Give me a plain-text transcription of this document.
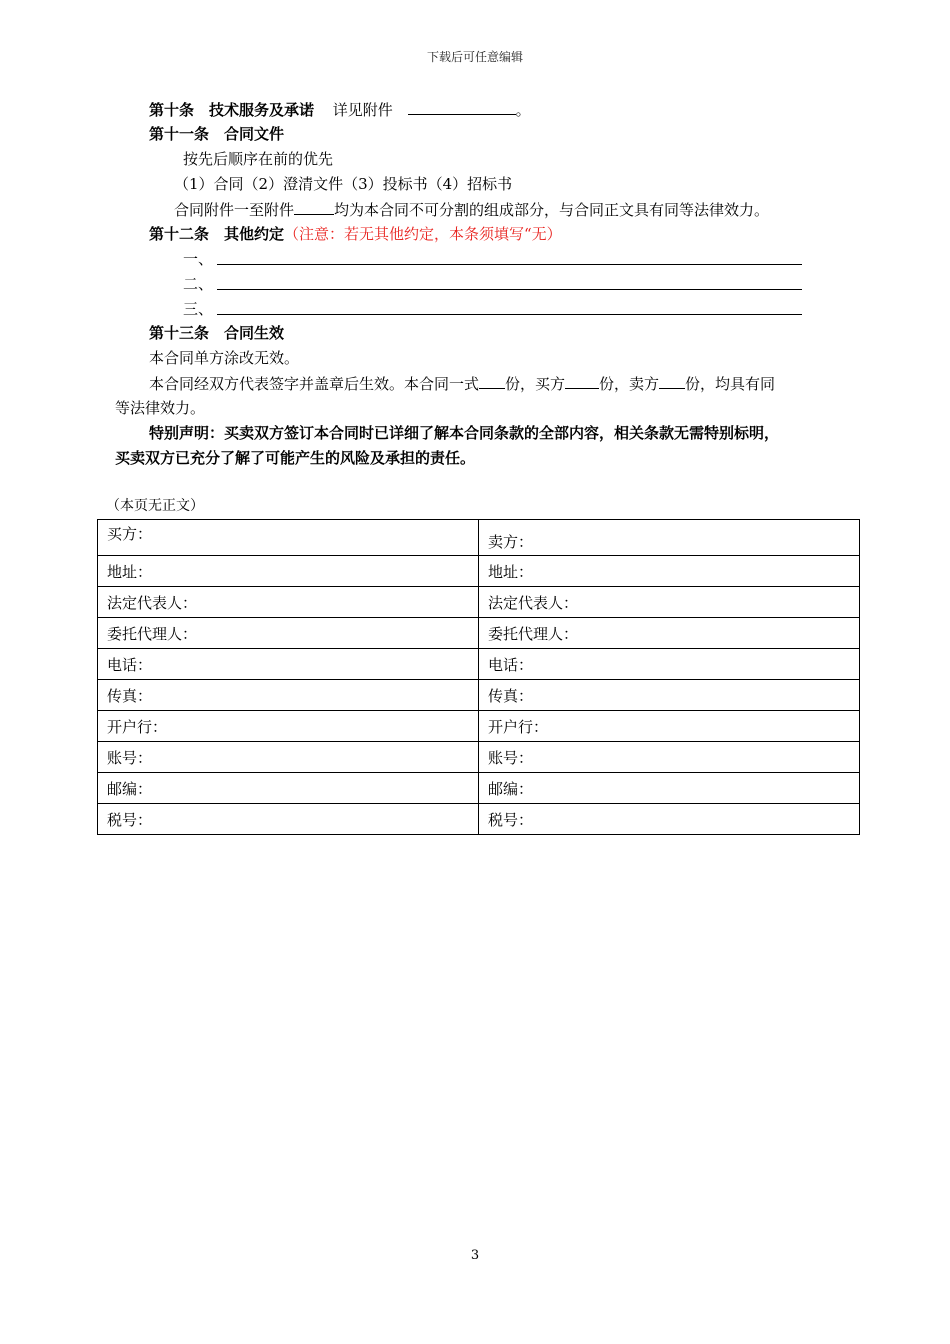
下载后可任意编辑
第十条　技术服务及承诺 详见附件	。
第十一条　合同文件
按先后顺序在前的优先
（1）合同（2）澄清文件（3）投标书（4）招标书
合同附件一至附件	均为本合同不可分割的组成部分，与合同正文具有同等法律效力。
第十二条　其他约定（注意：若无其他约定，本条须填写“无）
一、
二、
三、
第十三条　合同生效
本合同单方涂改无效。
本合同经双方代表签字并盖章后生效。本合同一式 份，买方 份，卖方 份，均具有同
等法律效力。
特别声明：买卖双方签订本合同时已详细了解本合同条款的全部内容，相关条款无需特别标明，
买卖双方已充分了解了可能产生的风险及承担的责任。
（本页无正文）
买方：	卖方：
地址：	地址：
法定代表人：	法定代表人：
委托代理人：	委托代理人：
电话：	电话：
传真：	传真：
开户行：	开户行：
账号：	账号：
邮编：	邮编：
税号：	税号：
3
